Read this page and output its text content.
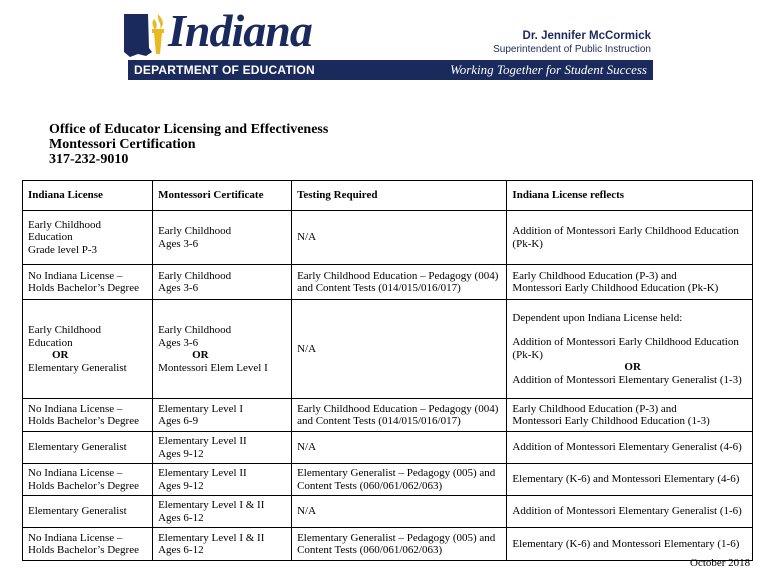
Indiana	Dr. Jennifer McCormick
Superintendent of Public Instruction
DEPARTMENT OF EDUCATION	Working Together for Student Success
Office of Educator Licensing and Effectiveness
Montessori Certification
317-232-9010
Indiana License	Montessori Certificate	Testing Required	Indiana License reflects

Early Childhood
Education
Grade level P-3	Early Childhood
Ages 3-6	N/A	Addition of Montessori Early Childhood Education
(Pk-K)

No Indiana License –
Holds Bachelor’s Degree	Early Childhood
Ages 3-6	Early Childhood Education – Pedagogy (004)
and Content Tests (014/015/016/017)	Early Childhood Education (P-3) and
Montessori Early Childhood Education (Pk-K)

Early Childhood
Education
OR
Elementary Generalist	Early Childhood
Ages 3-6
OR
Montessori Elem Level I	N/A	Dependent upon Indiana License held:
Addition of Montessori Early Childhood Education
(Pk-K)
OR
Addition of Montessori Elementary Generalist (1-3)

No Indiana License –
Holds Bachelor’s Degree	Elementary Level I
Ages 6-9	Early Childhood Education – Pedagogy (004)
and Content Tests (014/015/016/017)	Early Childhood Education (P-3) and
Montessori Early Childhood Education (1-3)

Elementary Generalist	Elementary Level II
Ages 9-12	N/A	Addition of Montessori Elementary Generalist (4-6)

No Indiana License –
Holds Bachelor’s Degree	Elementary Level II
Ages 9-12	Elementary Generalist – Pedagogy (005) and
Content Tests (060/061/062/063)	Elementary (K-6) and Montessori Elementary (4-6)

Elementary Generalist	Elementary Level I & II
Ages 6-12	N/A	Addition of Montessori Elementary Generalist (1-6)

No Indiana License –
Holds Bachelor’s Degree	Elementary Level I & II
Ages 6-12	Elementary Generalist – Pedagogy (005) and
Content Tests (060/061/062/063)	Elementary (K-6) and Montessori Elementary (1-6)
October 2018
